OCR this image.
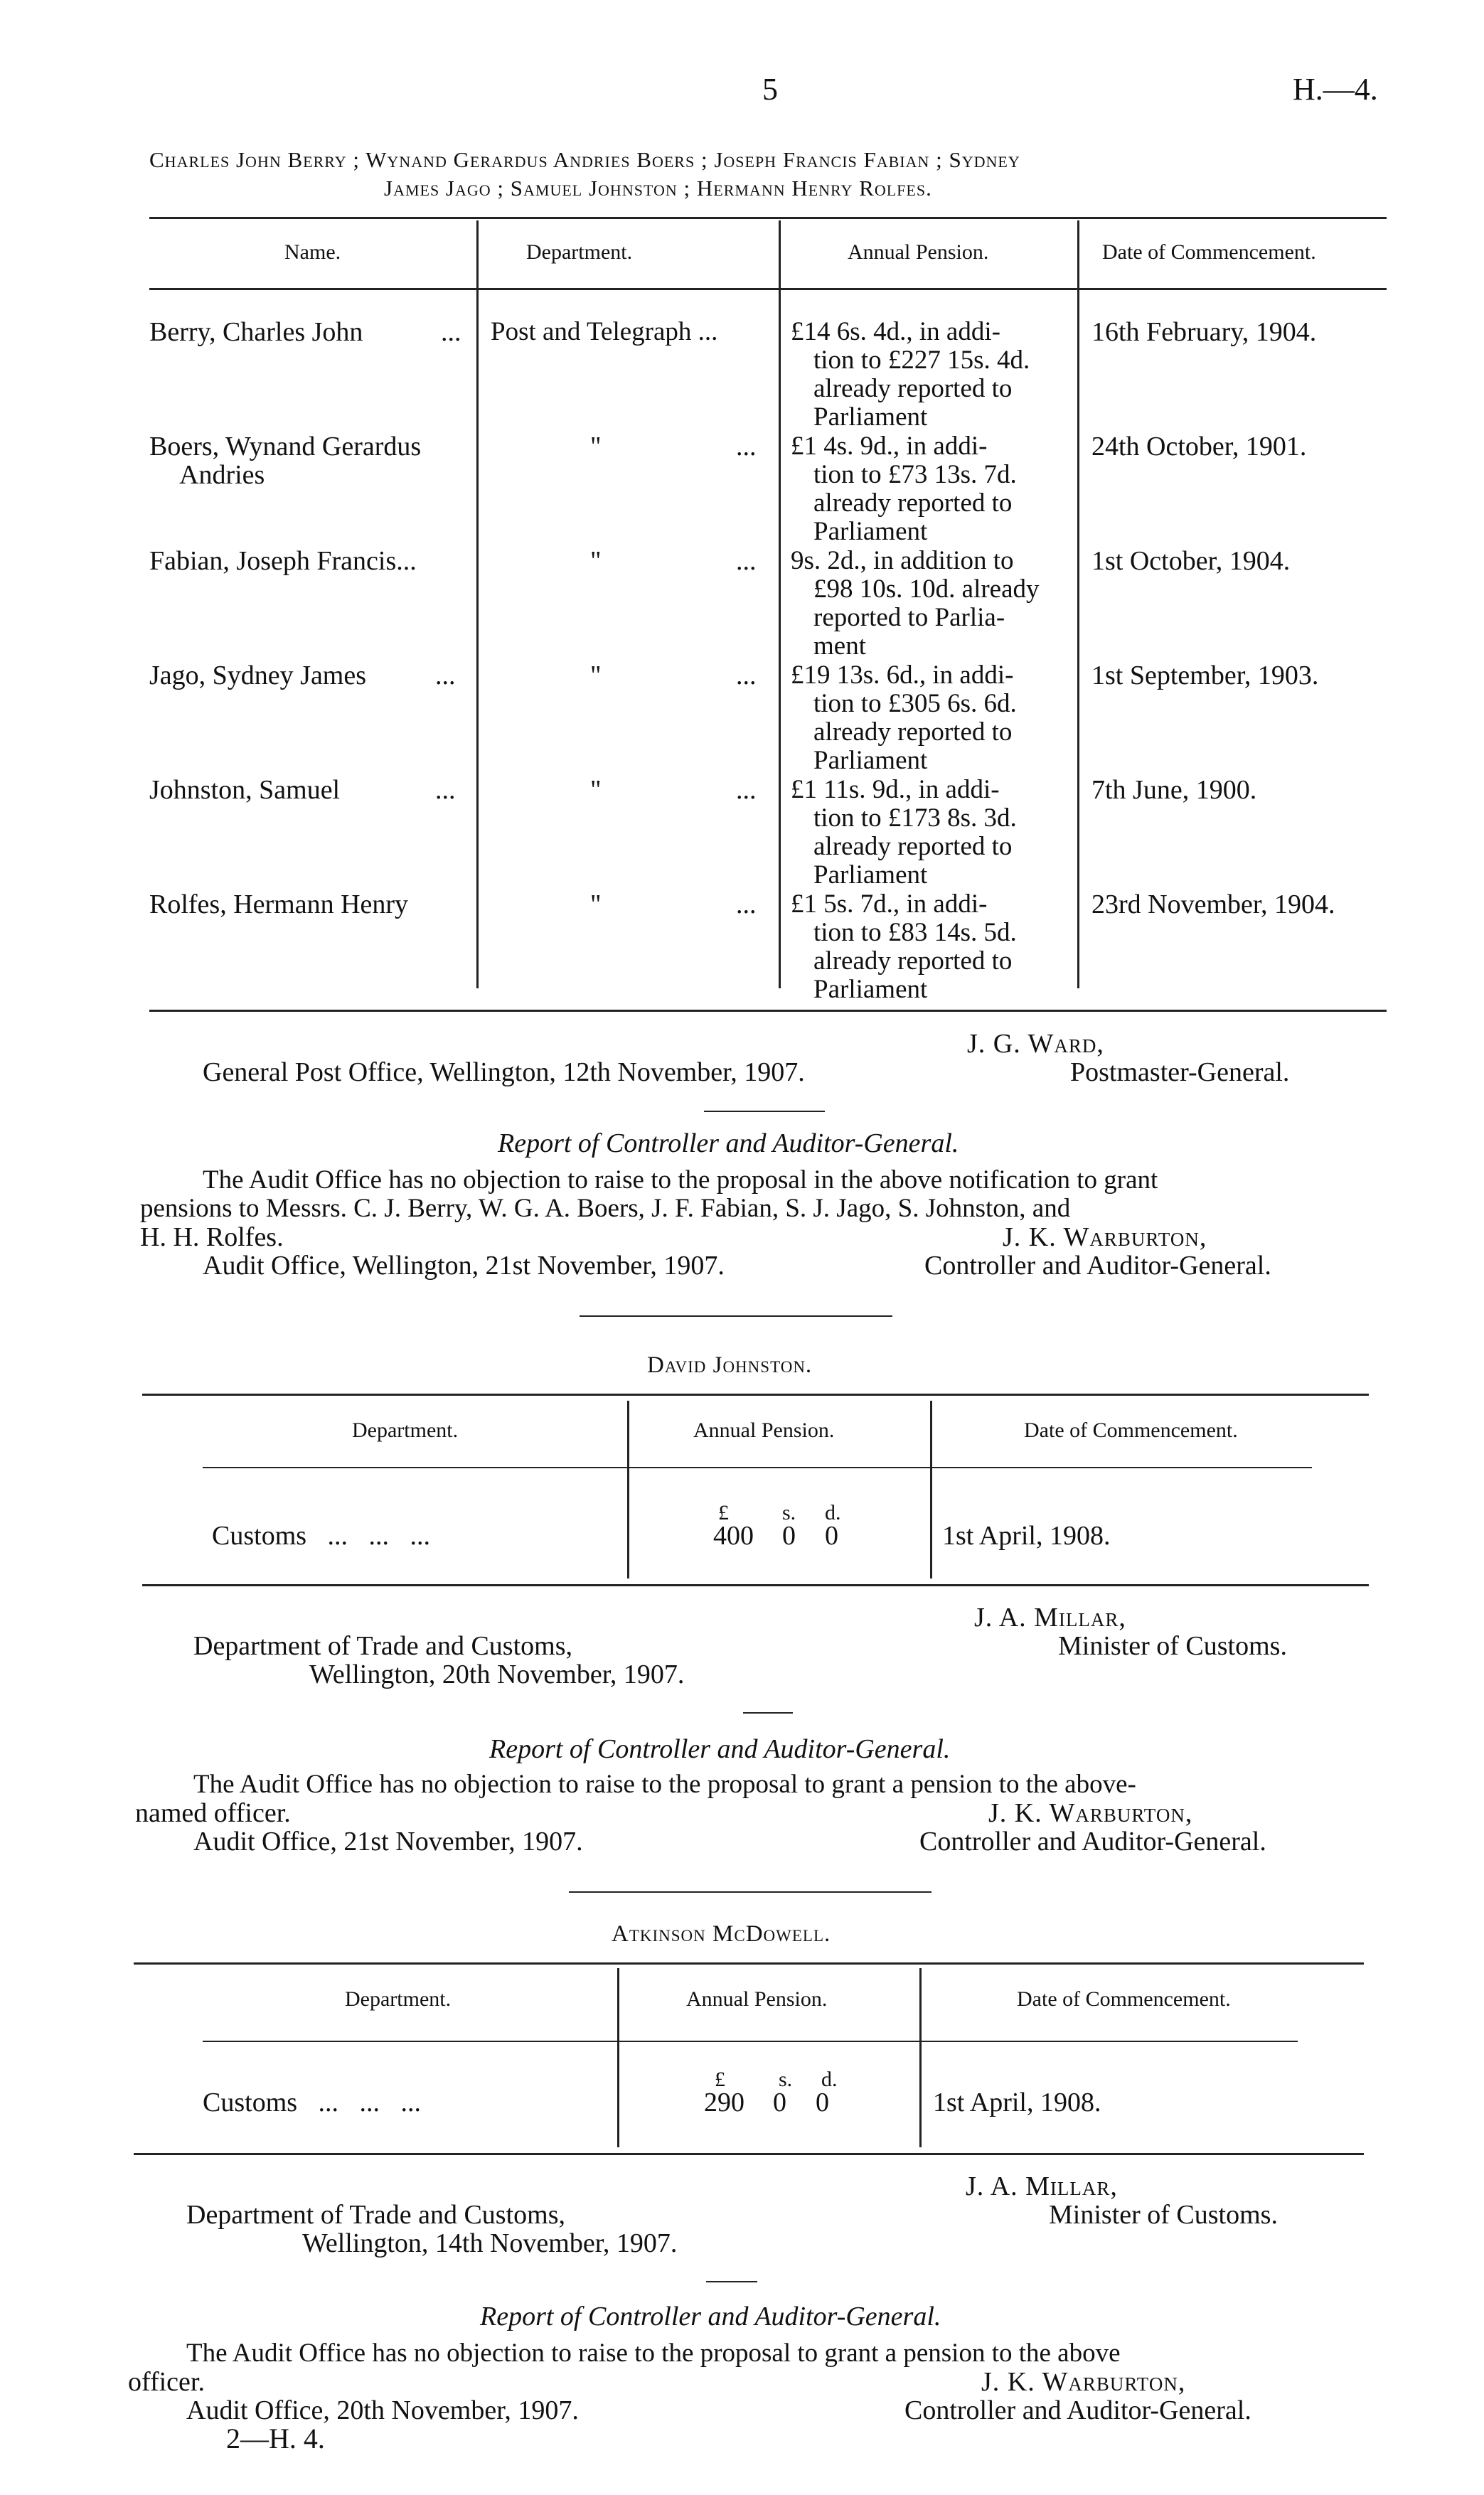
5	H.—4.
Charles John Berry ; Wynand Gerardus Andries Boers ; Joseph Francis Fabian ; Sydney
James Jago ; Samuel Johnston ; Hermann Henry Rolfes.
Name.	Department.	Annual Pension.	Date of Commencement.
Berry, Charles John	... Post and Telegraph ...	£14 6s. 4d., in addi-
tion to £227 15s. 4d.
already reported to
Parliament
16th February, 1904.
Boers, Wynand Gerardus
Andries
"	... £1 4s. 9d., in addi-
tion to £73 13s. 7d.
already reported to
Parliament
24th October, 1901.
Fabian, Joseph Francis...	"	... 9s. 2d., in addition to
£98 10s. 10d. already
reported to Parlia-
ment
1st October, 1904.
Jago, Sydney James	...	"	... £19 13s. 6d., in addi-
tion to £305 6s. 6d.
already reported to
Parliament
1st September, 1903.
Johnston, Samuel	...	"	... £1 11s. 9d., in addi-
tion to £173 8s. 3d.
already reported to
Parliament
7th June, 1900.
Rolfes, Hermann Henry	"	... £1 5s. 7d., in addi-
tion to £83 14s. 5d.
already reported to
Parliament
23rd November, 1904.
J. G. Ward,
Postmaster-General.
General Post Office, Wellington, 12th November, 1907.
Report of Controller and Auditor-General.
The Audit Office has no objection to raise to the proposal in the above notification to grant
pensions to Messrs. C. J. Berry, W. G. A. Boers, J. F. Fabian, S. J. Jago, S. Johnston, and
H. H. Rolfes.	J. K. Warburton,
Audit Office, Wellington, 21st November, 1907.	Controller and Auditor-General.
David Johnston.
Department.	Annual Pension.	Date of Commencement.
£	s. d.
Customs ... ... ...	400 0 0	1st April, 1908.
J. A. Millar,
Department of Trade and Customs,	Minister of Customs.
Wellington, 20th November, 1907.
Report of Controller and Auditor-General.
The Audit Office has no objection to raise to the proposal to grant a pension to the above-
named officer.	J. K. Warburton,
Audit Office, 21st November, 1907.	Controller and Auditor-General.
Atkinson McDowell.
Department.	Annual Pension.	Date of Commencement.
£	s. d.
Customs ... ... ...	290 0 0	1st April, 1908.
J. A. Millar,
Department of Trade and Customs,	Minister of Customs.
Wellington, 14th November, 1907.
Report of Controller and Auditor-General.
The Audit Office has no objection to raise to the proposal to grant a pension to the above
officer.	J. K. Warburton,
Audit Office, 20th November, 1907.	Controller and Auditor-General.
2—H. 4.
